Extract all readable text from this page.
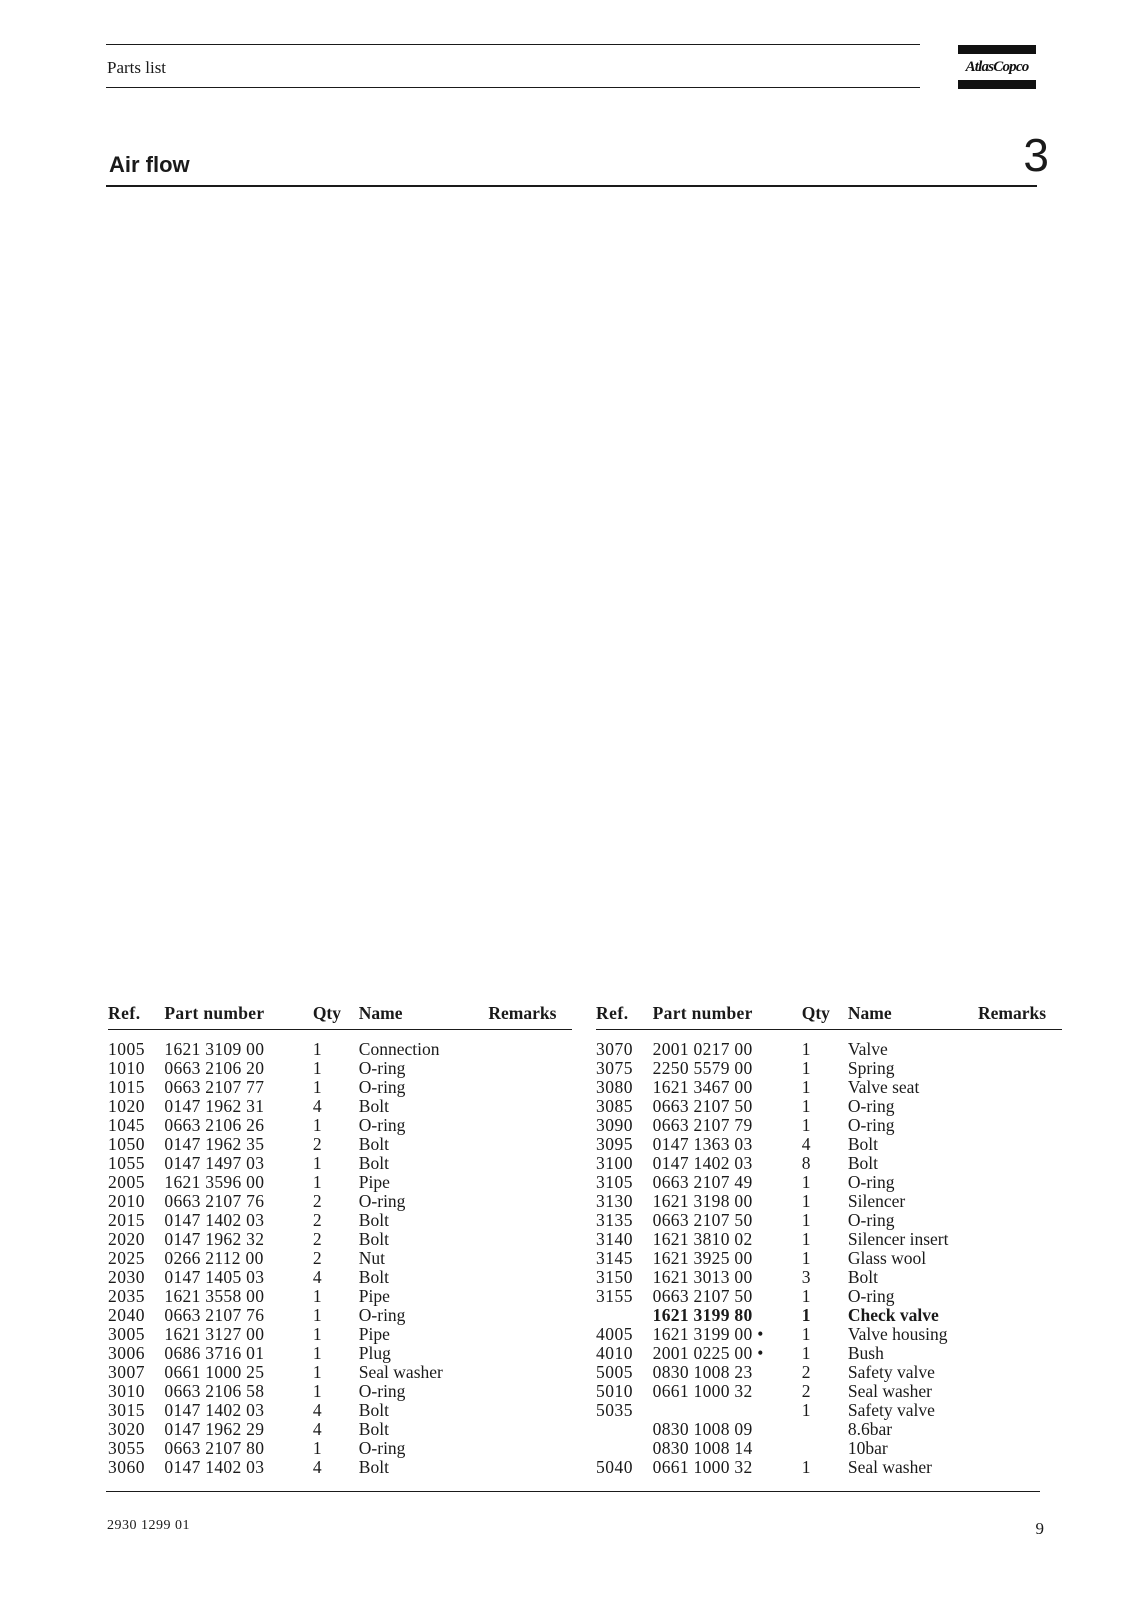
Parts list	AtlasCopco
Air flow	3
Ref.	Part number	Qty	Name	Remarks

1005	1621 3109 00	1	Connection	
1010	0663 2106 20	1	O-ring	
1015	0663 2107 77	1	O-ring	
1020	0147 1962 31	4	Bolt	
1045	0663 2106 26	1	O-ring	
1050	0147 1962 35	2	Bolt	
1055	0147 1497 03	1	Bolt	
2005	1621 3596 00	1	Pipe	
2010	0663 2107 76	2	O-ring	
2015	0147 1402 03	2	Bolt	
2020	0147 1962 32	2	Bolt	
2025	0266 2112 00	2	Nut	
2030	0147 1405 03	4	Bolt	
2035	1621 3558 00	1	Pipe	
2040	0663 2107 76	1	O-ring	
3005	1621 3127 00	1	Pipe	
3006	0686 3716 01	1	Plug	
3007	0661 1000 25	1	Seal washer	
3010	0663 2106 58	1	O-ring	
3015	0147 1402 03	4	Bolt	
3020	0147 1962 29	4	Bolt	
3055	0663 2107 80	1	O-ring	
3060	0147 1402 03	4	Bolt	
Ref.	Part number	Qty	Name	Remarks

3070	2001 0217 00	1	Valve	
3075	2250 5579 00	1	Spring	
3080	1621 3467 00	1	Valve seat	
3085	0663 2107 50	1	O-ring	
3090	0663 2107 79	1	O-ring	
3095	0147 1363 03	4	Bolt	
3100	0147 1402 03	8	Bolt	
3105	0663 2107 49	1	O-ring	
3130	1621 3198 00	1	Silencer	
3135	0663 2107 50	1	O-ring	
3140	1621 3810 02	1	Silencer insert	
3145	1621 3925 00	1	Glass wool	
3150	1621 3013 00	3	Bolt	
3155	0663 2107 50	1	O-ring	
	1621 3199 80	1	Check valve	
4005	1621 3199 00 •	1	Valve housing	
4010	2001 0225 00 •	1	Bush	
5005	0830 1008 23	2	Safety valve	
5010	0661 1000 32	2	Seal washer	
5035		1	Safety valve	
	0830 1008 09		8.6bar	
	0830 1008 14		10bar	
5040	0661 1000 32	1	Seal washer	
2930 1299 01	9
